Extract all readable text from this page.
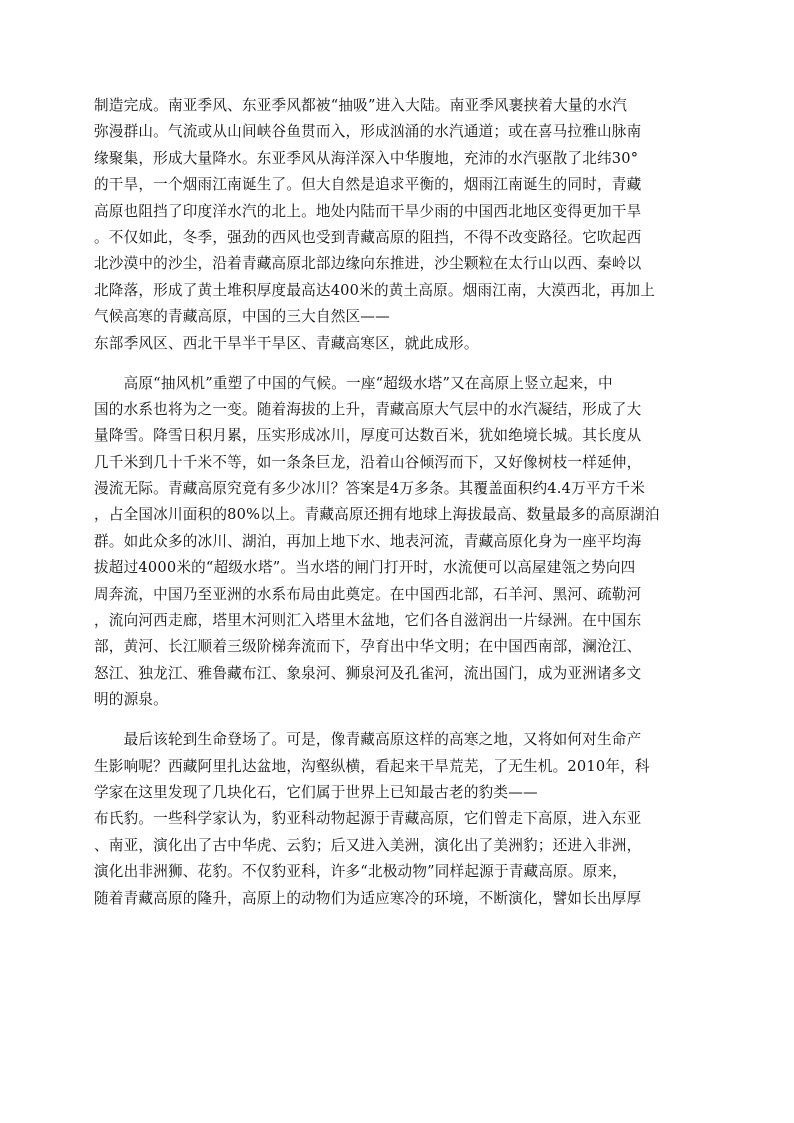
制造完成。南亚季风、东亚季风都被“抽吸”进入大陆。南亚季风裹挟着大量的水汽
弥漫群山。气流或从山间峡谷鱼贯而入，形成汹涌的水汽通道；或在喜马拉雅山脉南
缘聚集，形成大量降水。东亚季风从海洋深入中华腹地，充沛的水汽驱散了北纬30°
的干旱，一个烟雨江南诞生了。但大自然是追求平衡的，烟雨江南诞生的同时，青藏
高原也阻挡了印度洋水汽的北上。地处内陆而干旱少雨的中国西北地区变得更加干旱
。不仅如此，冬季，强劲的西风也受到青藏高原的阻挡，不得不改变路径。它吹起西
北沙漠中的沙尘，沿着青藏高原北部边缘向东推进，沙尘颗粒在太行山以西、秦岭以
北降落，形成了黄土堆积厚度最高达400米的黄土高原。烟雨江南，大漠西北，再加上
气候高寒的青藏高原，中国的三大自然区——
东部季风区、西北干旱半干旱区、青藏高寒区，就此成形。
　　高原“抽风机”重塑了中国的气候。一座“超级水塔”又在高原上竖立起来，中
国的水系也将为之一变。随着海拔的上升，青藏高原大气层中的水汽凝结，形成了大
量降雪。降雪日积月累，压实形成冰川，厚度可达数百米，犹如绝境长城。其长度从
几千米到几十千米不等，如一条条巨龙，沿着山谷倾泻而下，又好像树枝一样延伸，
漫流无际。青藏高原究竟有多少冰川？答案是4万多条。其覆盖面积约4.4万平方千米
，占全国冰川面积的80%以上。青藏高原还拥有地球上海拔最高、数量最多的高原湖泊
群。如此众多的冰川、湖泊，再加上地下水、地表河流，青藏高原化身为一座平均海
拔超过4000米的“超级水塔”。当水塔的闸门打开时，水流便可以高屋建瓴之势向四
周奔流，中国乃至亚洲的水系布局由此奠定。在中国西北部，石羊河、黑河、疏勒河
，流向河西走廊，塔里木河则汇入塔里木盆地，它们各自滋润出一片绿洲。在中国东
部，黄河、长江顺着三级阶梯奔流而下，孕育出中华文明；在中国西南部，澜沧江、
怒江、独龙江、雅鲁藏布江、象泉河、狮泉河及孔雀河，流出国门，成为亚洲诸多文
明的源泉。
　　最后该轮到生命登场了。可是，像青藏高原这样的高寒之地，又将如何对生命产
生影响呢？西藏阿里扎达盆地，沟壑纵横，看起来干旱荒芜，了无生机。2010年，科
学家在这里发现了几块化石，它们属于世界上已知最古老的豹类——
布氏豹。一些科学家认为，豹亚科动物起源于青藏高原，它们曾走下高原，进入东亚
、南亚，演化出了古中华虎、云豹；后又进入美洲，演化出了美洲豹；还进入非洲，
演化出非洲狮、花豹。不仅豹亚科，许多“北极动物”同样起源于青藏高原。原来，
随着青藏高原的隆升，高原上的动物们为适应寒冷的环境，不断演化，譬如长出厚厚
